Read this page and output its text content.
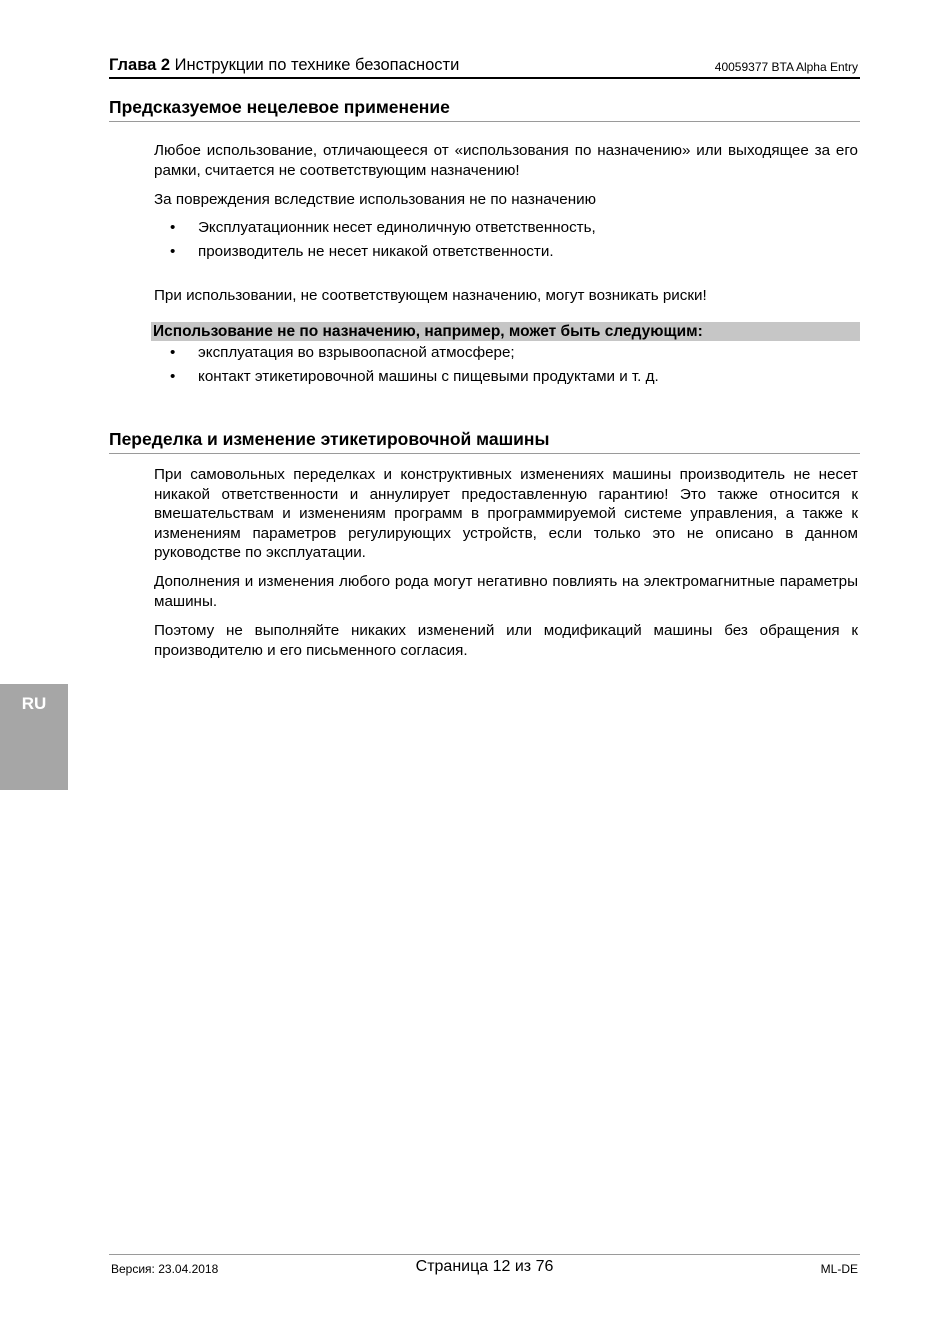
Глава 2 Инструкции по технике безопасности	40059377 BTA Alpha Entry
Предсказуемое нецелевое применение

Любое использование, отличающееся от «использования по назначению» или выходящее за его рамки, считается не соответствующим назначению!

За повреждения вследствие использования не по назначению

• Эксплуатационник несет единоличную ответственность,
• производитель не несет никакой ответственности.

При использовании, не соответствующем назначению, могут возникать риски!

Использование не по назначению, например, может быть следующим:
• эксплуатация во взрывоопасной атмосфере;
• контакт этикетировочной машины с пищевыми продуктами и т. д.
Переделка и изменение этикетировочной машины

При самовольных переделках и конструктивных изменениях машины производитель не несет никакой ответственности и аннулирует предоставленную гарантию! Это также относится к вмешательствам и изменениям программ в программируемой системе управления, а также к изменениям параметров регулирующих устройств, если только это не описано в данном руководстве по эксплуатации.

Дополнения и изменения любого рода могут негативно повлиять на электромагнитные параметры машины.

Поэтому не выполняйте никаких изменений или модификаций машины без обращения к производителю и его письменного согласия.

RU
Версия: 23.04.2018	Страница 12 из 76	ML-DE
